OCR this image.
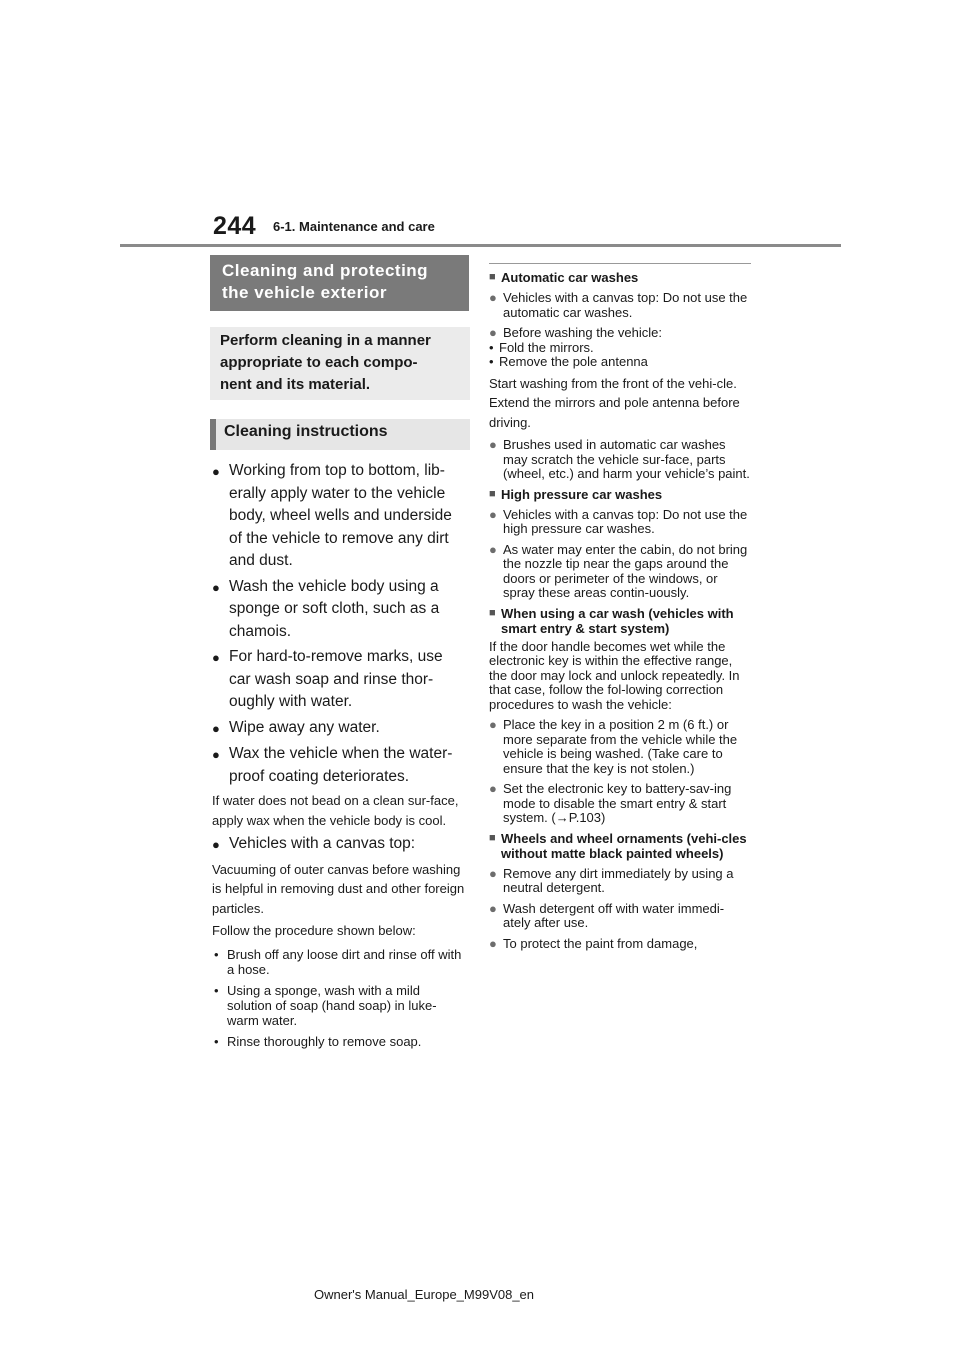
244 6-1. Maintenance and care
Cleaning and protecting
the vehicle exterior
Perform cleaning in a manner
appropriate to each compo-
nent and its material.
Cleaning instructions
● Working from top to bottom, lib-erally apply water to the vehicle body, wheel wells and underside of the vehicle to remove any dirt and dust.
● Wash the vehicle body using a sponge or soft cloth, such as a chamois.
● For hard-to-remove marks, use car wash soap and rinse thor-oughly with water.
● Wipe away any water.
● Wax the vehicle when the water-proof coating deteriorates.
If water does not bead on a clean sur-face, apply wax when the vehicle body is cool.
● Vehicles with a canvas top:
Vacuuming of outer canvas before washing is helpful in removing dust and other foreign particles.
Follow the procedure shown below:
• Brush off any loose dirt and rinse off with a hose.
• Using a sponge, wash with a mild solution of soap (hand soap) in luke-warm water.
• Rinse thoroughly to remove soap.
■ Automatic car washes
● Vehicles with a canvas top: Do not use the automatic car washes.
● Before washing the vehicle:
• Fold the mirrors.
• Remove the pole antenna
Start washing from the front of the vehi-cle. Extend the mirrors and pole antenna before driving.
● Brushes used in automatic car washes may scratch the vehicle sur-face, parts (wheel, etc.) and harm your vehicle’s paint.
■ High pressure car washes
● Vehicles with a canvas top: Do not use the high pressure car washes.
● As water may enter the cabin, do not bring the nozzle tip near the gaps around the doors or perimeter of the windows, or spray these areas contin-uously.
■ When using a car wash (vehicles with smart entry & start system)
If the door handle becomes wet while the electronic key is within the effective range, the door may lock and unlock repeatedly. In that case, follow the fol-lowing correction procedures to wash the vehicle:
● Place the key in a position 2 m (6 ft.) or more separate from the vehicle while the vehicle is being washed. (Take care to ensure that the key is not stolen.)
● Set the electronic key to battery-sav-ing mode to disable the smart entry & start system. (→P.103)
■ Wheels and wheel ornaments (vehi-cles without matte black painted wheels)
● Remove any dirt immediately by using a neutral detergent.
● Wash detergent off with water immedi-ately after use.
● To protect the paint from damage,
Owner's Manual_Europe_M99V08_en
